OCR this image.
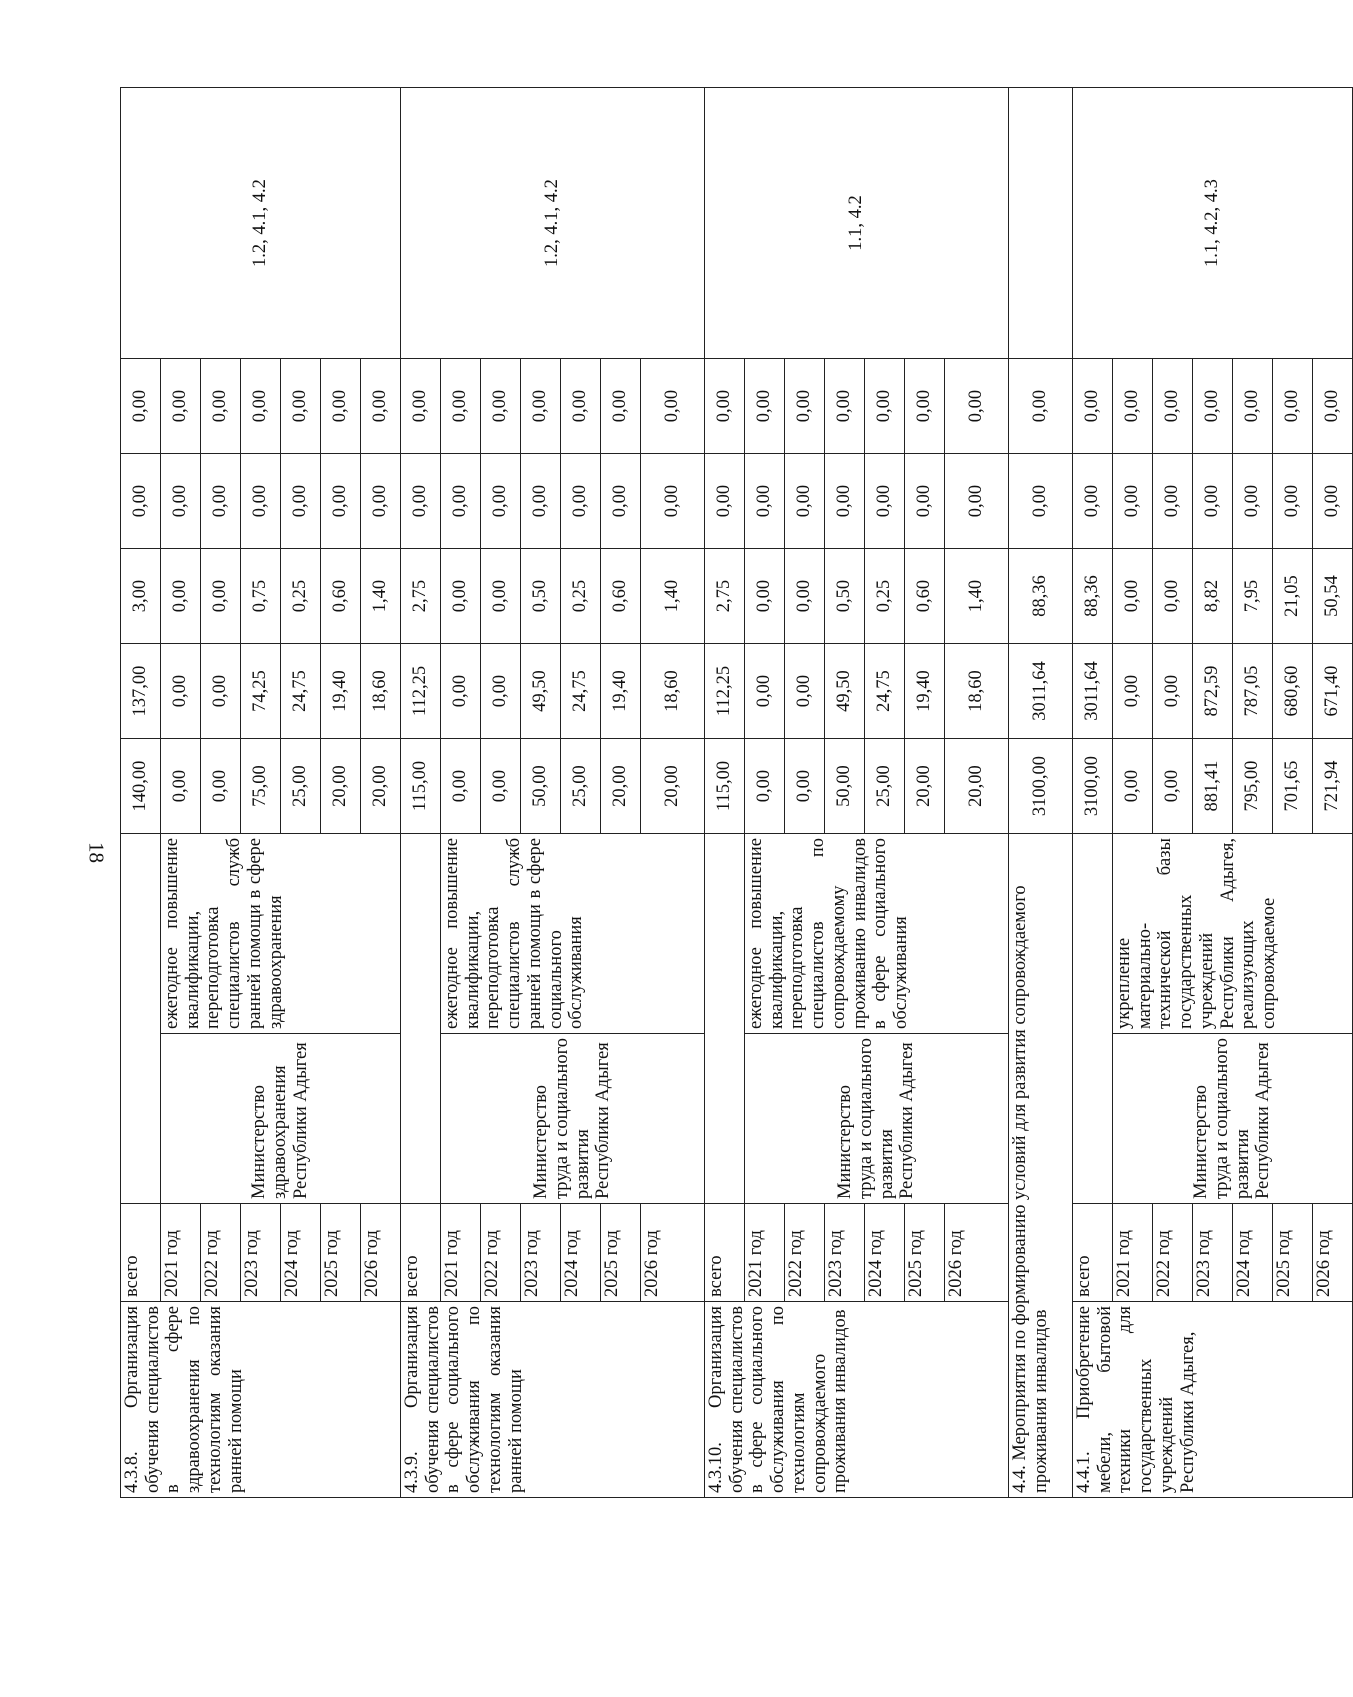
18
4.3.8. Организация обучения специалистов в сфере здравоохранения по технологиям оказания ранней помощи	всего			140,00	137,00	3,00	0,00	0,00	1.2, 4.1, 4.2
	2021 год	Министерство здравоохранения Республики Адыгея	ежегодное повышение квалификации, переподготовка специалистов служб ранней помощи в сфере здравоохранения	0,00	0,00	0,00	0,00	0,00	
	2022 год			0,00	0,00	0,00	0,00	0,00	
	2023 год			75,00	74,25	0,75	0,00	0,00	
	2024 год			25,00	24,75	0,25	0,00	0,00	
	2025 год			20,00	19,40	0,60	0,00	0,00	
	2026 год			20,00	18,60	1,40	0,00	0,00	
4.3.9. Организация обучения специалистов в сфере социального обслуживания по технологиям оказания ранней помощи	всего			115,00	112,25	2,75	0,00	0,00	1.2, 4.1, 4.2
	2021 год	Министерство труда и социального развития Республики Адыгея	ежегодное повышение квалификации, переподготовка специалистов служб ранней помощи в сфере социального обслуживания	0,00	0,00	0,00	0,00	0,00	
	2022 год			0,00	0,00	0,00	0,00	0,00	
	2023 год			50,00	49,50	0,50	0,00	0,00	
	2024 год			25,00	24,75	0,25	0,00	0,00	
	2025 год			20,00	19,40	0,60	0,00	0,00	
	2026 год			20,00	18,60	1,40	0,00	0,00	
4.3.10. Организация обучения специалистов в сфере социального обслуживания по технологиям сопровождаемого проживания инвалидов	всего			115,00	112,25	2,75	0,00	0,00	1.1, 4.2
	2021 год	Министерство труда и социального развития Республики Адыгея	ежегодное повышение квалификации, переподготовка специалистов по сопровождаемому проживанию инвалидов в сфере социального обслуживания	0,00	0,00	0,00	0,00	0,00	
	2022 год			0,00	0,00	0,00	0,00	0,00	
	2023 год			50,00	49,50	0,50	0,00	0,00	
	2024 год			25,00	24,75	0,25	0,00	0,00	
	2025 год			20,00	19,40	0,60	0,00	0,00	
	2026 год			20,00	18,60	1,40	0,00	0,00	
4.4. Мероприятия по формированию условий для развития сопровождаемого проживания инвалидов				3100,00	3011,64	88,36	0,00	0,00	
4.4.1. Приобретение мебели, бытовой техники для государственных учреждений Республики Адыгея,	всего			3100,00	3011,64	88,36	0,00	0,00	1.1, 4.2, 4.3
	2021 год	Министерство труда и социального развития Республики Адыгея	укрепление материально-технической базы государственных учреждений Республики Адыгея, реализующих сопровождаемое	0,00	0,00	0,00	0,00	0,00	
	2022 год			0,00	0,00	0,00	0,00	0,00	
	2023 год			881,41	872,59	8,82	0,00	0,00	
	2024 год			795,00	787,05	7,95	0,00	0,00	
	2025 год			701,65	680,60	21,05	0,00	0,00	
	2026 год			721,94	671,40	50,54	0,00	0,00	
